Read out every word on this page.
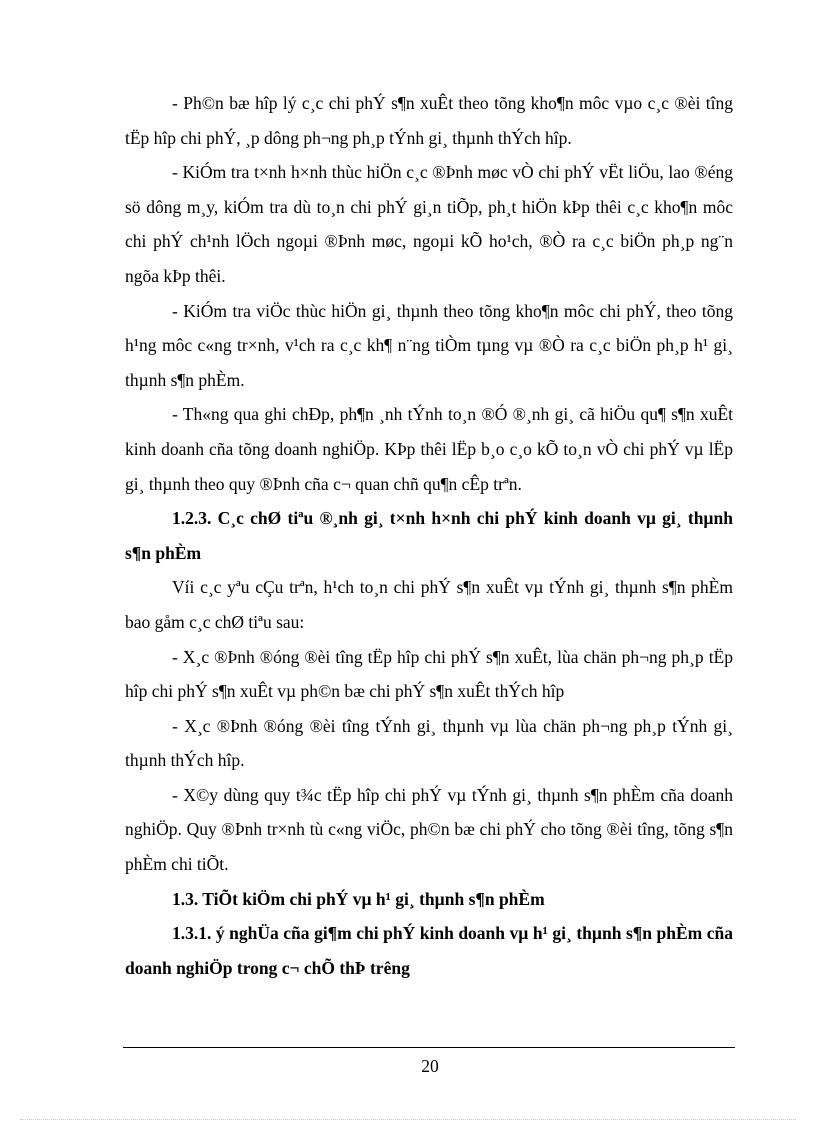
- Ph©n bæ hîp lý c¸c chi phÝ s¶n xuÊt theo tõng kho¶n môc vµo c¸c ®èi tîng tËp hîp chi phÝ, ¸p dông ph¬ng ph¸p tÝnh gi¸ thµnh thÝch hîp.

- KiÓm tra t×nh h×nh thùc hiÖn c¸c ®Þnh møc vÒ chi phÝ vËt liÖu, lao ®éng sö dông m¸y, kiÓm tra dù to¸n chi phÝ gi¸n tiÕp, ph¸t hiÖn kÞp thêi c¸c kho¶n môc chi phÝ ch¹nh lÖch ngoµi ®Þnh møc, ngoµi kÕ ho¹ch, ®Ò ra c¸c biÖn ph¸p ng¨n ngõa kÞp thêi.

- KiÓm tra viÖc thùc hiÖn gi¸ thµnh theo tõng kho¶n môc chi phÝ, theo tõng h¹ng môc c«ng tr×nh, v¹ch ra c¸c kh¶ n¨ng tiÒm tµng vµ ®Ò ra c¸c biÖn ph¸p h¹ gi¸ thµnh s¶n phÈm.

- Th«ng qua ghi chÐp, ph¶n ¸nh tÝnh to¸n ®Ó ®¸nh gi¸ cã hiÖu qu¶ s¶n xuÊt kinh doanh cña tõng doanh nghiÖp. KÞp thêi lËp b¸o c¸o kÕ to¸n vÒ chi phÝ vµ lËp gi¸ thµnh theo quy ®Þnh cña c¬ quan chñ qu¶n cÊp trªn.

1.2.3. C¸c chØ tiªu ®¸nh gi¸ t×nh h×nh chi phÝ kinh doanh vµ gi¸ thµnh s¶n phÈm

Víi c¸c yªu cÇu trªn, h¹ch to¸n chi phÝ s¶n xuÊt vµ tÝnh gi¸ thµnh s¶n phÈm bao gåm c¸c chØ tiªu sau:

- X¸c ®Þnh ®óng ®èi tîng tËp hîp chi phÝ s¶n xuÊt, lùa chän ph¬ng ph¸p tËp hîp chi phÝ s¶n xuÊt vµ ph©n bæ chi phÝ s¶n xuÊt thÝch hîp

- X¸c ®Þnh ®óng ®èi tîng tÝnh gi¸ thµnh vµ lùa chän ph¬ng ph¸p tÝnh gi¸ thµnh thÝch hîp.

- X©y dùng quy t¾c tËp hîp chi phÝ vµ tÝnh gi¸ thµnh s¶n phÈm cña doanh nghiÖp. Quy ®Þnh tr×nh tù c«ng viÖc, ph©n bæ chi phÝ cho tõng ®èi tîng, tõng s¶n phÈm chi tiÕt.

1.3. TiÕt kiÖm chi phÝ vµ h¹ gi¸ thµnh s¶n phÈm

1.3.1. ý nghÜa cña gi¶m chi phÝ kinh doanh vµ h¹ gi¸ thµnh s¶n phÈm cña doanh nghiÖp trong c¬ chÕ thÞ trêng

20
